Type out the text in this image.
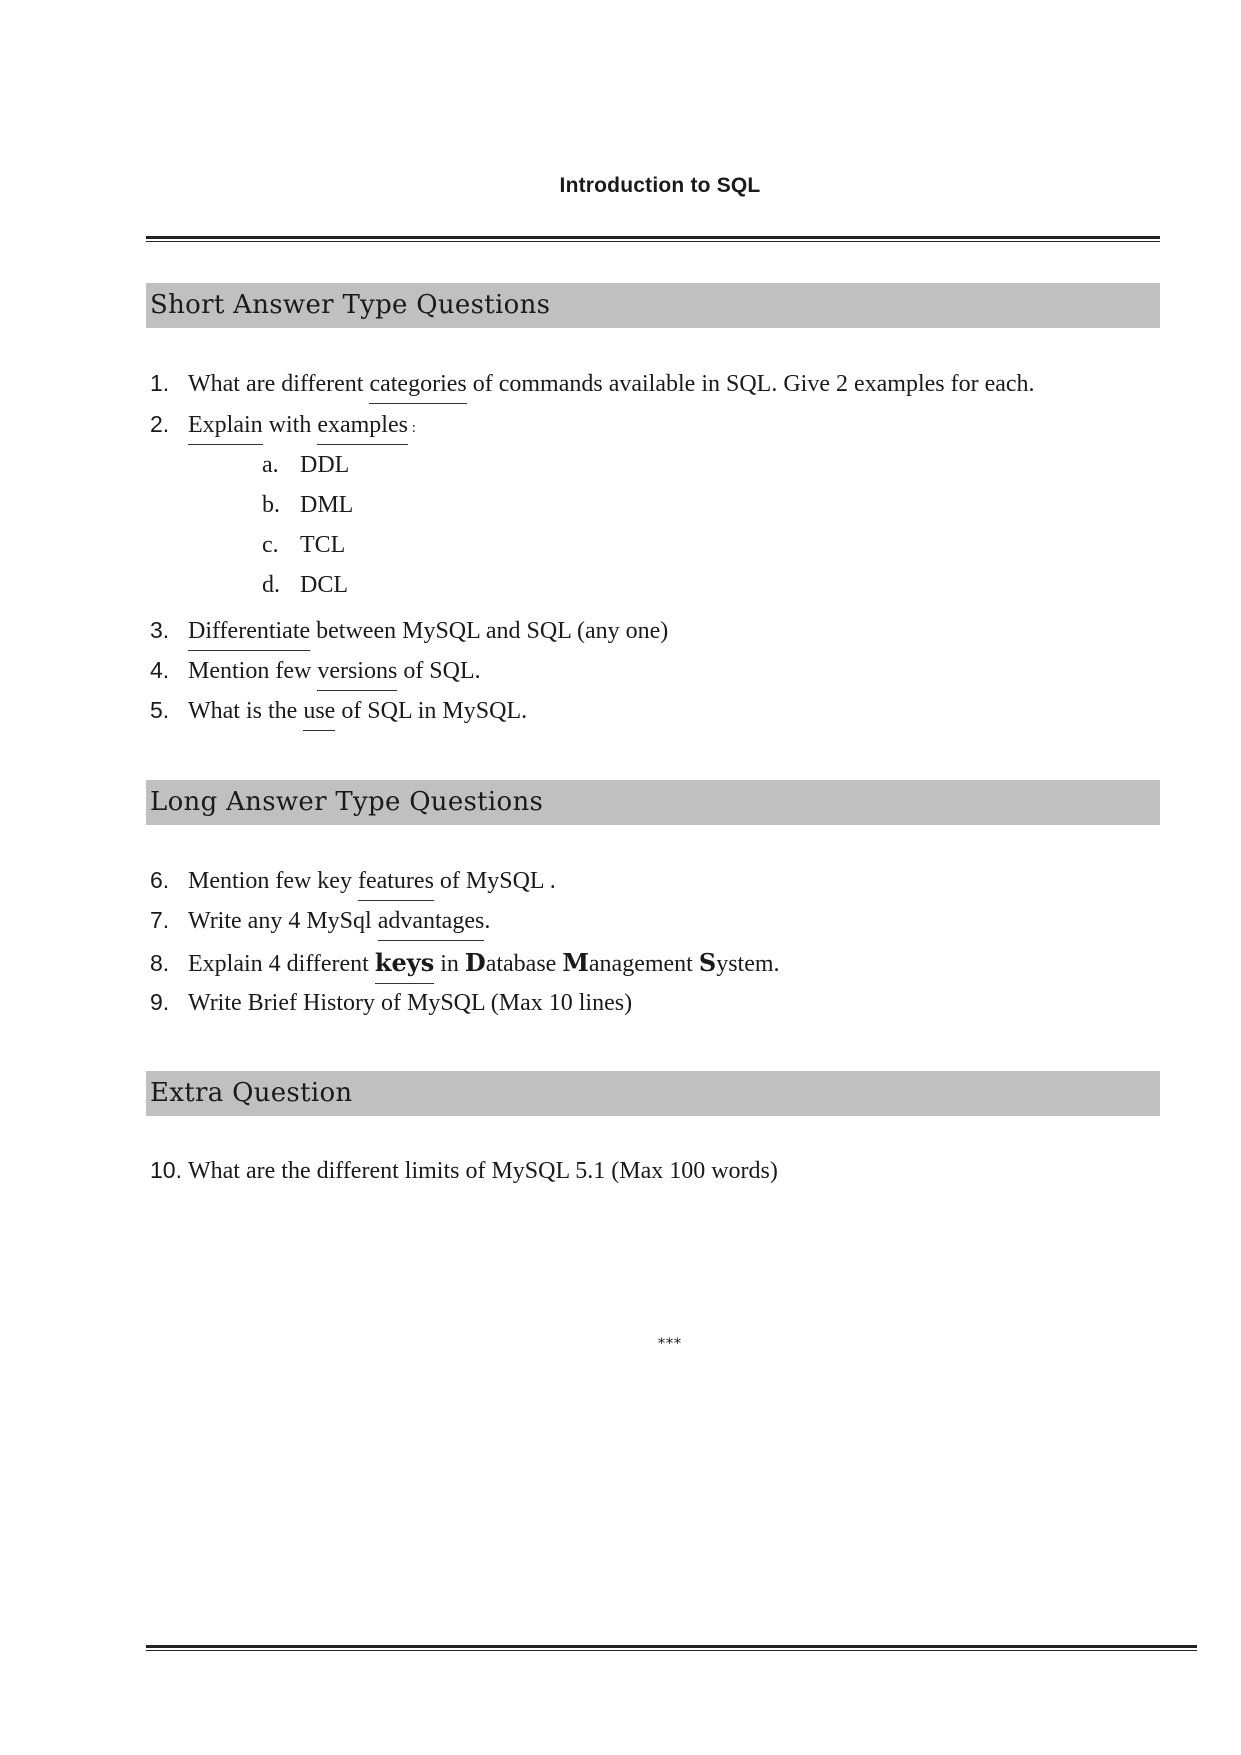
Introduction to SQL
Short Answer Type Questions
1. What are different categories of commands available in SQL. Give 2 examples for each.
2. Explain with examples :
a. DDL
b. DML
c. TCL
d. DCL
3. Differentiate between MySQL and SQL (any one)
4. Mention few versions of SQL.
5. What is the use of SQL in MySQL.
Long Answer Type Questions
6. Mention few key features of MySQL .
7. Write any 4 MySql advantages.
8. Explain 4 different keys in Database Management System.
9. Write Brief History of MySQL (Max 10 lines)
Extra Question
10. What are the different limits of MySQL 5.1 (Max 100 words)
***
